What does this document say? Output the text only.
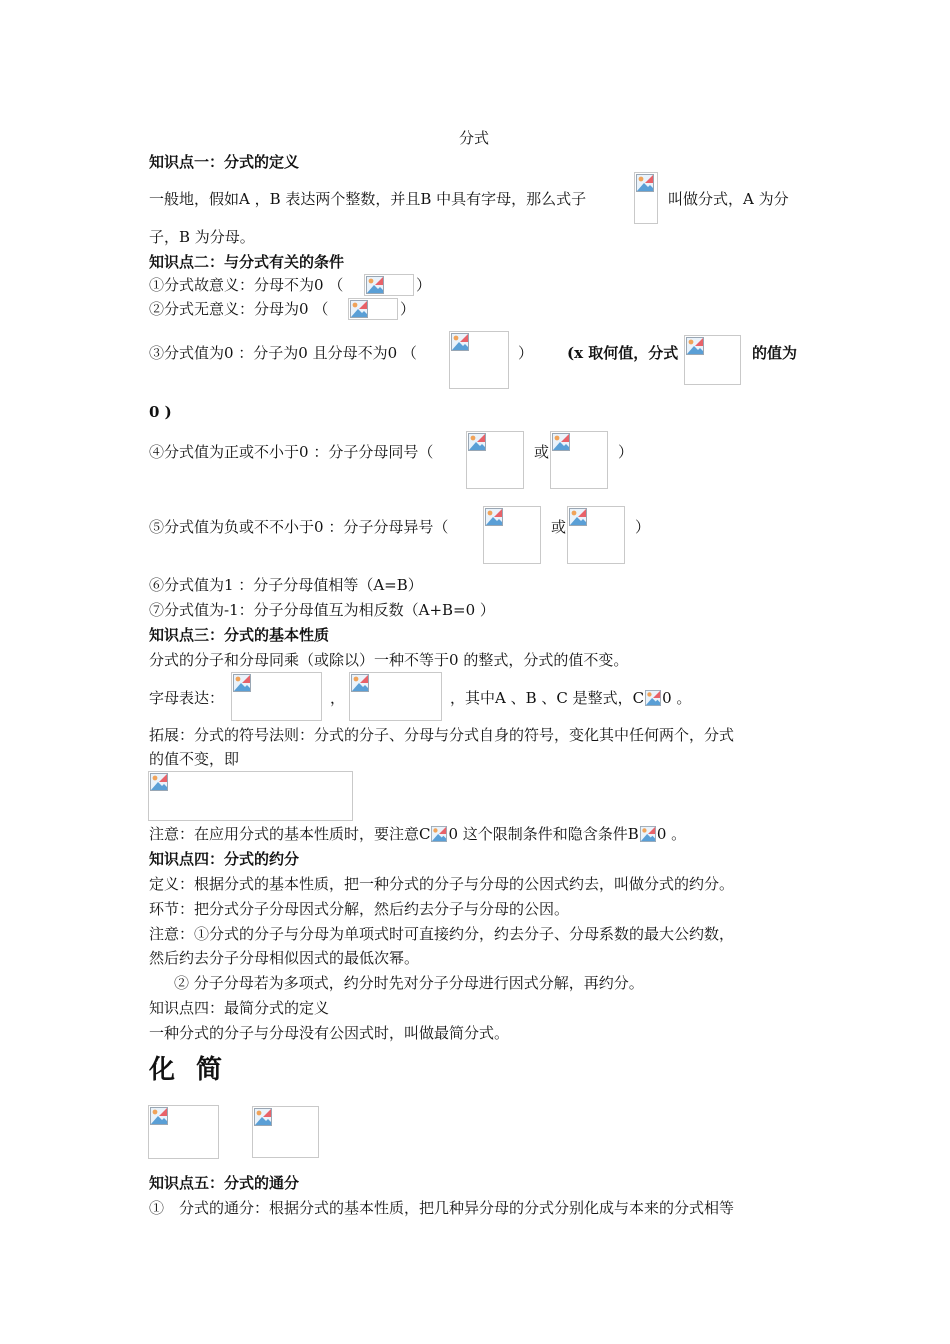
分式
知识点一：分式的定义
一般地，假如A ，B 表达两个整数，并且B 中具有字母，那么式子	叫做分式，A 为分
子，B 为分母。
知识点二：与分式有关的条件
①分式故意义：分母不为0 （	）
②分式无意义：分母为0 （	）
③分式值为0 ：分子为0 且分母不为0 （	） (x 取何值，分式	的值为
0 )
④分式值为正或不小于0 ：分子分母同号（	或	）
⑤分式值为负或不不小于0 ：分子分母异号（	或	）
⑥分式值为1 ：分子分母值相等（A=B）
⑦分式值为-1：分子分母值互为相反数（A+B=0 ）
知识点三：分式的基本性质
分式的分子和分母同乘（或除以）一种不等于0 的整式，分式的值不变。
字母表达：	，	，其中A 、B 、C 是整式，C 0 。
拓展：分式的符号法则：分式的分子、分母与分式自身的符号，变化其中任何两个，分式
的值不变，即
注意：在应用分式的基本性质时，要注意C 0 这个限制条件和隐含条件B 0 。
知识点四：分式的约分
定义：根据分式的基本性质，把一种分式的分子与分母的公因式约去，叫做分式的约分。
环节：把分式分子分母因式分解，然后约去分子与分母的公因。
注意：①分式的分子与分母为单项式时可直接约分，约去分子、分母系数的最大公约数，
然后约去分子分母相似因式的最低次幂。
② 分子分母若为多项式，约分时先对分子分母进行因式分解，再约分。
知识点四：最简分式的定义
一种分式的分子与分母没有公因式时，叫做最简分式。
化 简
知识点五：分式的通分
①　分式的通分：根据分式的基本性质，把几种异分母的分式分别化成与本来的分式相等
